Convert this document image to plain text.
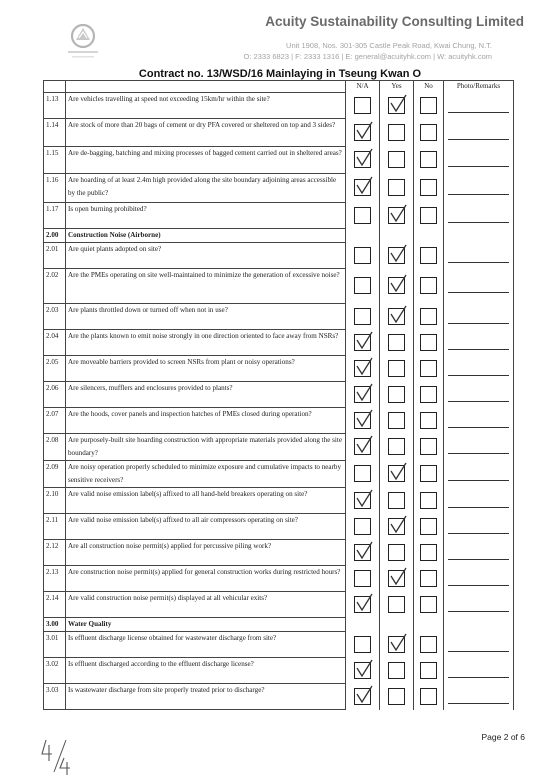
Acuity Sustainability Consulting Limited
Unit 1908, Nos. 301-305 Castle Peak Road, Kwai Chung, N.T.
O: 2333 6823 | F: 2333 1316 | E: general@acuityhk.com | W: acuityhk.com
Contract no. 13/WSD/16 Mainlaying in Tseung Kwan O
		N/A	Yes	No	Photo/Remarks
1.13	Are vehicles travelling at speed not exceeding 15km/hr within the site?		

1.14	Are stock of more than 20 bags of cement or dry PFA covered or sheltered on top and 3 sides?	

1.15	Are de-bagging, batching and mixing processes of bagged cement carried out in sheltered areas?	

1.16	Are hoarding of at least 2.4m high provided along the site boundary adjoining areas accessible by the public?	

1.17	Is open burning prohibited?		

2.00	Construction Noise (Airborne)				
2.01	Are quiet plants adopted on site?		

2.02	Are the PMEs operating on site well-maintained to minimize the generation of excessive noise?		

2.03	Are plants throttled down or turned off when not in use?		

2.04	Are the plants known to emit noise strongly in one direction oriented to face away from NSRs?	

2.05	Are moveable barriers provided to screen NSRs from plant or noisy operations?	

2.06	Are silencers, mufflers and enclosures provided to plants?	

2.07	Are the hoods, cover panels and inspection hatches of PMEs closed during operation?	

2.08	Are purposely-built site hoarding construction with appropriate materials provided along the site boundary?	

2.09	Are noisy operation properly scheduled to minimize exposure and cumulative impacts to nearby sensitive receivers?		

2.10	Are valid noise emission label(s) affixed to all hand-held breakers operating on site?	

2.11	Are valid noise emission label(s) affixed to all air compressors operating on site?		

2.12	Are all construction noise permit(s) applied for percussive piling work?	

2.13	Are construction noise permit(s) applied for general construction works during restricted hours?		

2.14	Are valid construction noise permit(s) displayed at all vehicular exits?	

3.00	Water Quality				
3.01	Is effluent discharge license obtained for wastewater discharge from site?		

3.02	Is effluent discharged according to the effluent discharge license?	

3.03	Is wastewater discharge from site properly treated prior to discharge?	

Page 2 of 6
